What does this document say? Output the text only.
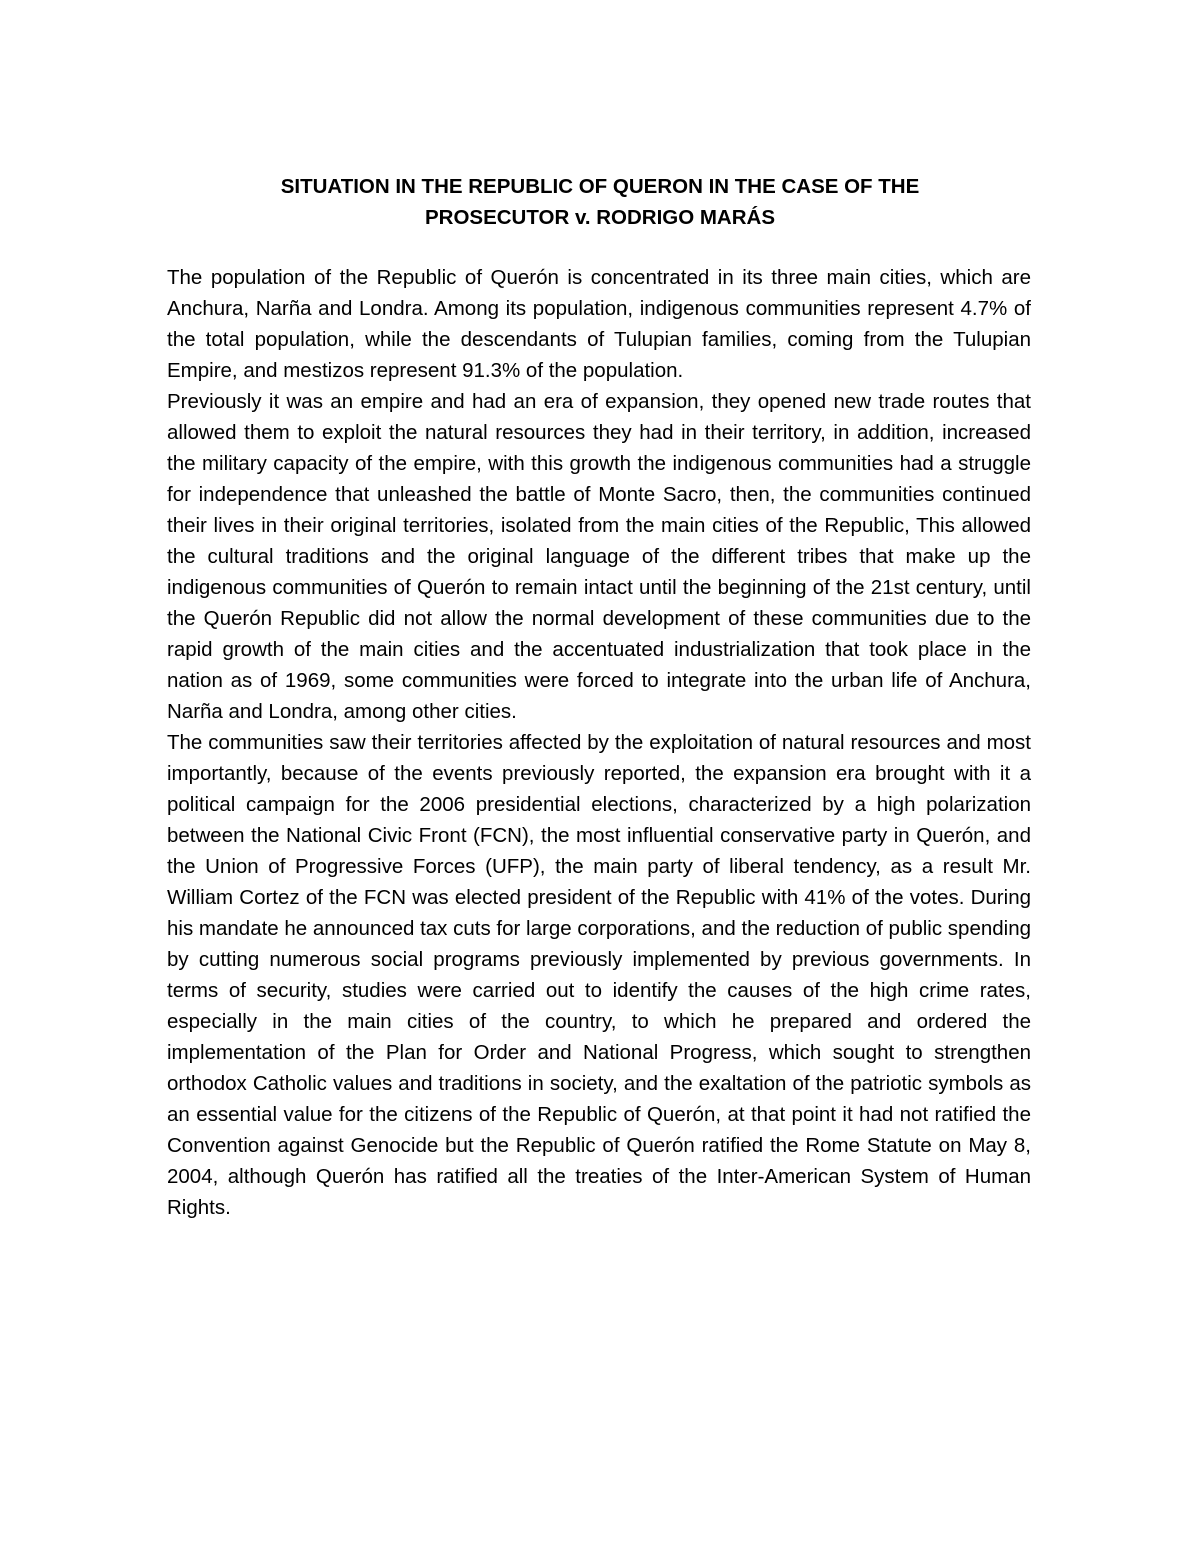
SITUATION IN THE REPUBLIC OF QUERON IN THE CASE OF THE
PROSECUTOR v. RODRIGO MARÁS

The population of the Republic of Querón is concentrated in its three main cities, which are Anchura, Narña and Londra. Among its population, indigenous communities represent 4.7% of the total population, while the descendants of Tulupian families, coming from the Tulupian Empire, and mestizos represent 91.3% of the population.

Previously it was an empire and had an era of expansion, they opened new trade routes that allowed them to exploit the natural resources they had in their territory, in addition, increased the military capacity of the empire, with this growth the indigenous communities had a struggle for independence that unleashed the battle of Monte Sacro, then, the communities continued their lives in their original territories, isolated from the main cities of the Republic, This allowed the cultural traditions and the original language of the different tribes that make up the indigenous communities of Querón to remain intact until the beginning of the 21st century, until the Querón Republic did not allow the normal development of these communities due to the rapid growth of the main cities and the accentuated industrialization that took place in the nation as of 1969, some communities were forced to integrate into the urban life of Anchura, Narña and Londra, among other cities.

The communities saw their territories affected by the exploitation of natural resources and most importantly, because of the events previously reported, the expansion era brought with it a political campaign for the 2006 presidential elections, characterized by a high polarization between the National Civic Front (FCN), the most influential conservative party in Querón, and the Union of Progressive Forces (UFP), the main party of liberal tendency, as a result Mr. William Cortez of the FCN was elected president of the Republic with 41% of the votes. During his mandate he announced tax cuts for large corporations, and the reduction of public spending by cutting numerous social programs previously implemented by previous governments. In terms of security, studies were carried out to identify the causes of the high crime rates, especially in the main cities of the country, to which he prepared and ordered the implementation of the Plan for Order and National Progress, which sought to strengthen orthodox Catholic values and traditions in society, and the exaltation of the patriotic symbols as an essential value for the citizens of the Republic of Querón, at that point it had not ratified the Convention against Genocide but the Republic of Querón ratified the Rome Statute on May 8, 2004, although Querón has ratified all the treaties of the Inter-American System of Human Rights.
